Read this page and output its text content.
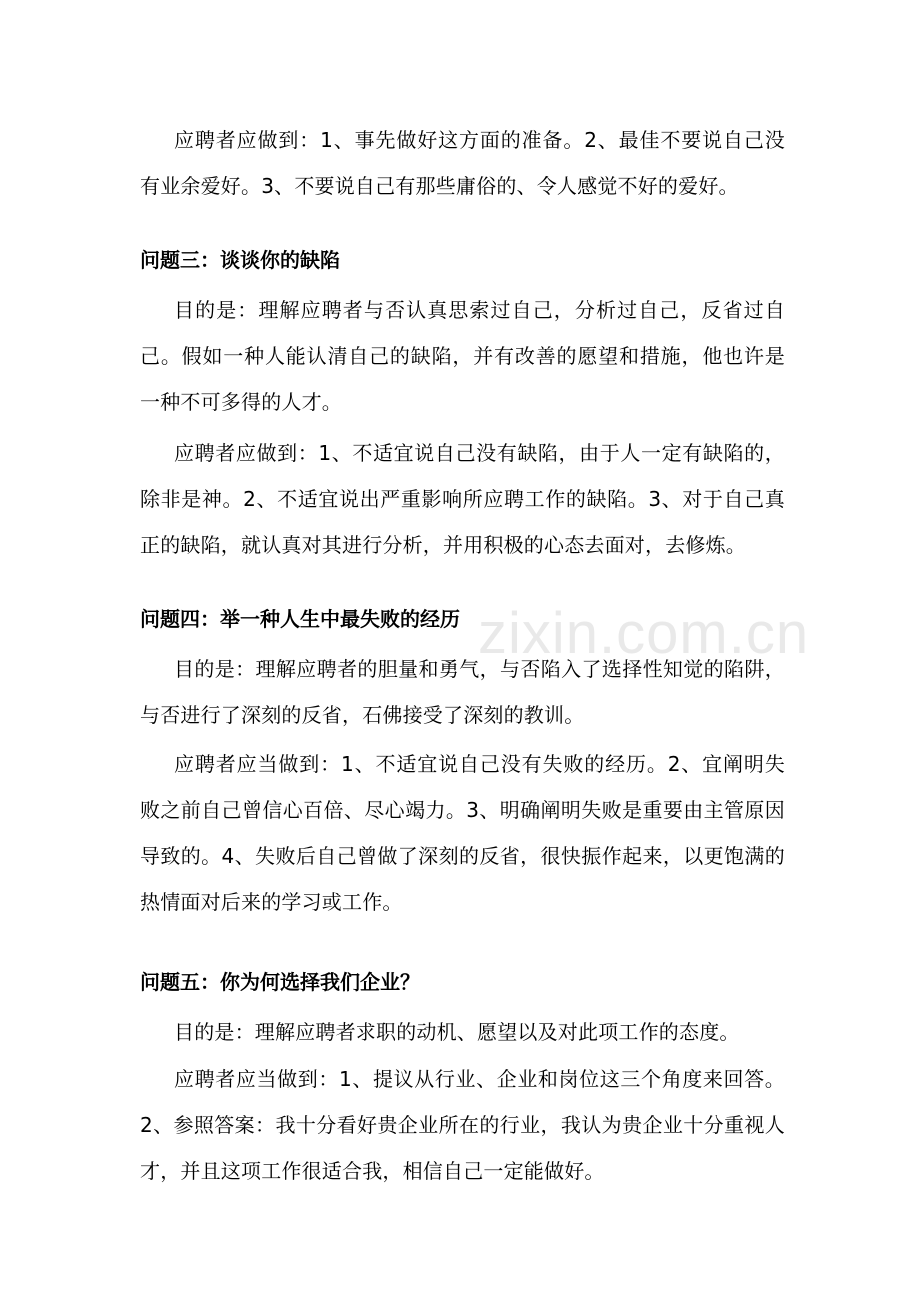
zixin.com.cn

应聘者应做到：1、事先做好这方面的准备。2、最佳不要说自己没有业余爱好。3、不要说自己有那些庸俗的、令人感觉不好的爱好。

问题三：谈谈你的缺陷

目的是：理解应聘者与否认真思索过自己，分析过自己，反省过自己。假如一种人能认清自己的缺陷，并有改善的愿望和措施，他也许是一种不可多得的人才。

应聘者应做到：1、不适宜说自己没有缺陷，由于人一定有缺陷的，除非是神。2、不适宜说出严重影响所应聘工作的缺陷。3、对于自己真正的缺陷，就认真对其进行分析，并用积极的心态去面对，去修炼。

问题四：举一种人生中最失败的经历

目的是：理解应聘者的胆量和勇气，与否陷入了选择性知觉的陷阱，与否进行了深刻的反省，石佛接受了深刻的教训。

应聘者应当做到：1、不适宜说自己没有失败的经历。2、宜阐明失败之前自己曾信心百倍、尽心竭力。3、明确阐明失败是重要由主管原因导致的。4、失败后自己曾做了深刻的反省，很快振作起来，以更饱满的热情面对后来的学习或工作。

问题五：你为何选择我们企业？

目的是：理解应聘者求职的动机、愿望以及对此项工作的态度。

应聘者应当做到：1、提议从行业、企业和岗位这三个角度来回答。2、参照答案：我十分看好贵企业所在的行业，我认为贵企业十分重视人才，并且这项工作很适合我，相信自己一定能做好。
